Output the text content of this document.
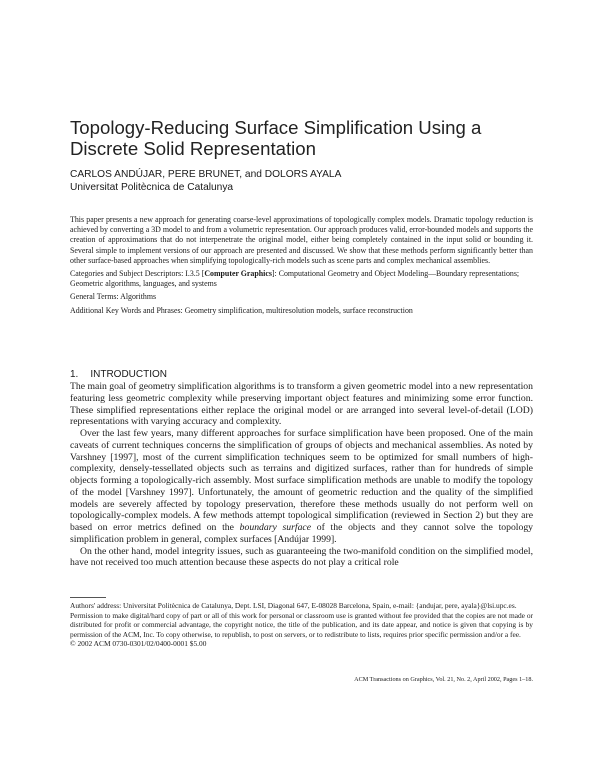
Topology-Reducing Surface Simplification Using a Discrete Solid Representation
CARLOS ANDÚJAR, PERE BRUNET, and DOLORS AYALA
Universitat Politècnica de Catalunya

This paper presents a new approach for generating coarse-level approximations of topologically complex models. Dramatic topology reduction is achieved by converting a 3D model to and from a volumetric representation. Our approach produces valid, error-bounded models and supports the creation of approximations that do not interpenetrate the original model, either being completely contained in the input solid or bounding it. Several simple to implement versions of our approach are presented and discussed. We show that these methods perform significantly better than other surface-based approaches when simplifying topologically-rich models such as scene parts and complex mechanical assemblies.

Categories and Subject Descriptors: I.3.5 [Computer Graphics]: Computational Geometry and Object Modeling—Boundary representations; Geometric algorithms, languages, and systems

General Terms: Algorithms

Additional Key Words and Phrases: Geometry simplification, multiresolution models, surface reconstruction

1. INTRODUCTION

The main goal of geometry simplification algorithms is to transform a given geometric model into a new representation featuring less geometric complexity while preserving important object features and minimizing some error function. These simplified representations either replace the original model or are arranged into several level-of-detail (LOD) representations with varying accuracy and complexity.

Over the last few years, many different approaches for surface simplification have been proposed. One of the main caveats of current techniques concerns the simplification of groups of objects and mechanical assemblies. As noted by Varshney [1997], most of the current simplification techniques seem to be optimized for small numbers of high-complexity, densely-tessellated objects such as terrains and digitized surfaces, rather than for hundreds of simple objects forming a topologically-rich assembly. Most surface simplification methods are unable to modify the topology of the model [Varshney 1997]. Unfortunately, the amount of geometric reduction and the quality of the simplified models are severely affected by topology preservation, therefore these methods usually do not perform well on topologically-complex models. A few methods attempt topological simplification (reviewed in Section 2) but they are based on error metrics defined on the boundary surface of the objects and they cannot solve the topology simplification problem in general, complex surfaces [Andújar 1999].

On the other hand, model integrity issues, such as guaranteeing the two-manifold condition on the simplified model, have not received too much attention because these aspects do not play a critical role

Authors' address: Universitat Politècnica de Catalunya, Dept. LSI, Diagonal 647, E-08028 Barcelona, Spain, e-mail: {andujar, pere, ayala}@lsi.upc.es.

Permission to make digital/hard copy of part or all of this work for personal or classroom use is granted without fee provided that the copies are not made or distributed for profit or commercial advantage, the copyright notice, the title of the publication, and its date appear, and notice is given that copying is by permission of the ACM, Inc. To copy otherwise, to republish, to post on servers, or to redistribute to lists, requires prior specific permission and/or a fee.

© 2002 ACM 0730-0301/02/0400-0001 $5.00

ACM Transactions on Graphics, Vol. 21, No. 2, April 2002, Pages 1–18.
